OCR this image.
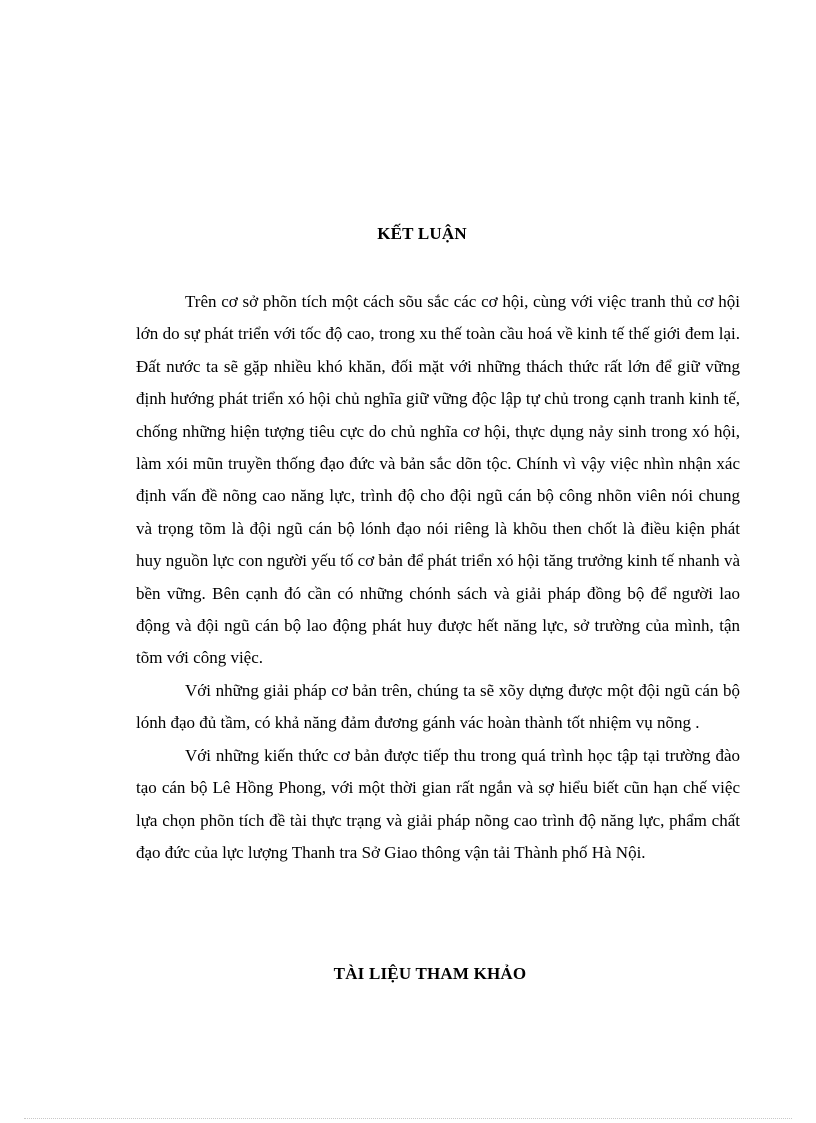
KẾT LUẬN

Trên cơ sở phõn tích một cách sõu sắc các cơ hội, cùng với việc tranh thủ cơ hội lớn do sự phát triển với tốc độ cao, trong xu thế toàn cầu hoá về kinh tế thế giới đem lại. Đất nước ta sẽ gặp nhiều khó khăn, đối mặt với những thách thức rất lớn để giữ vững định hướng phát triển xó hội chủ nghĩa giữ vững độc lập tự chủ trong cạnh tranh kinh tế, chống những hiện tượng tiêu cực do chủ nghĩa cơ hội, thực dụng nảy sinh trong xó hội, làm xói mũn truyền thống đạo đức và bản sắc dõn tộc. Chính vì vậy việc nhìn nhận xác định vấn đề nõng cao năng lực, trình độ cho đội ngũ cán bộ công nhõn viên nói chung và trọng tõm là đội ngũ cán bộ lónh đạo nói riêng là khõu then chốt là điều kiện phát huy nguồn lực con người yếu tố cơ bản để phát triển xó hội tăng trưởng kinh tế nhanh và bền vững. Bên cạnh đó cần có những chónh sách và giải pháp đồng bộ để người lao động và đội ngũ cán bộ lao động phát huy được hết năng lực, sở trường của mình, tận tõm với công việc.

Với những giải pháp cơ bản trên, chúng ta sẽ xõy dựng được một đội ngũ cán bộ lónh đạo đủ tầm, có khả năng đảm đương gánh vác hoàn thành tốt nhiệm vụ nõng .

Với những kiến thức cơ bản được tiếp thu trong quá trình học tập tại trường đào tạo cán bộ Lê Hồng Phong, với một thời gian rất ngắn và sợ hiểu biết cũn hạn chế việc lựa chọn phõn tích đề tài thực trạng và giải pháp nõng cao trình độ năng lực, phẩm chất đạo đức của lực lượng Thanh tra Sở Giao thông vận tải Thành phố Hà Nội.

TÀI LIỆU THAM KHẢO
